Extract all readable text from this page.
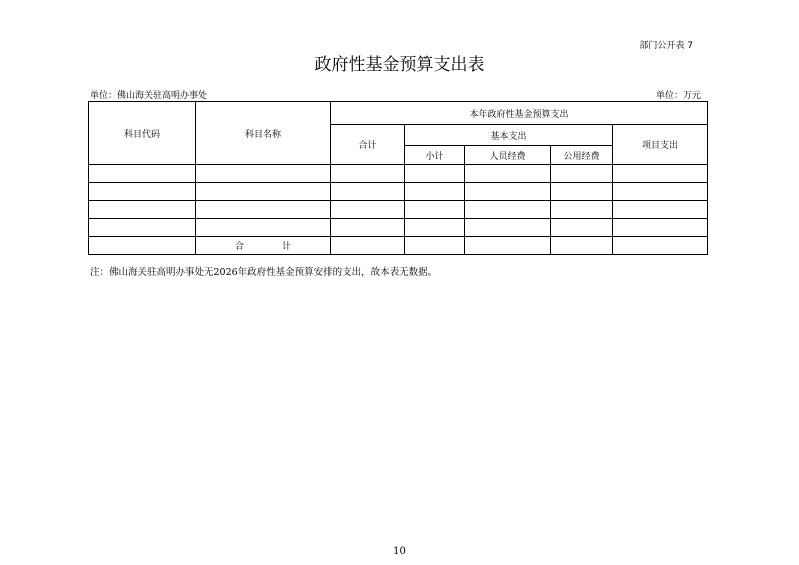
部门公开表 7
政府性基金预算支出表
单位：佛山海关驻高明办事处	单位：万元
科目代码	科目名称	本年政府性基金预算支出				
		合计	基本支出			项目支出
			小计	人员经费	公用经费	

	合 计					
注：佛山海关驻高明办事处无2026年政府性基金预算安排的支出，故本表无数据。
10
